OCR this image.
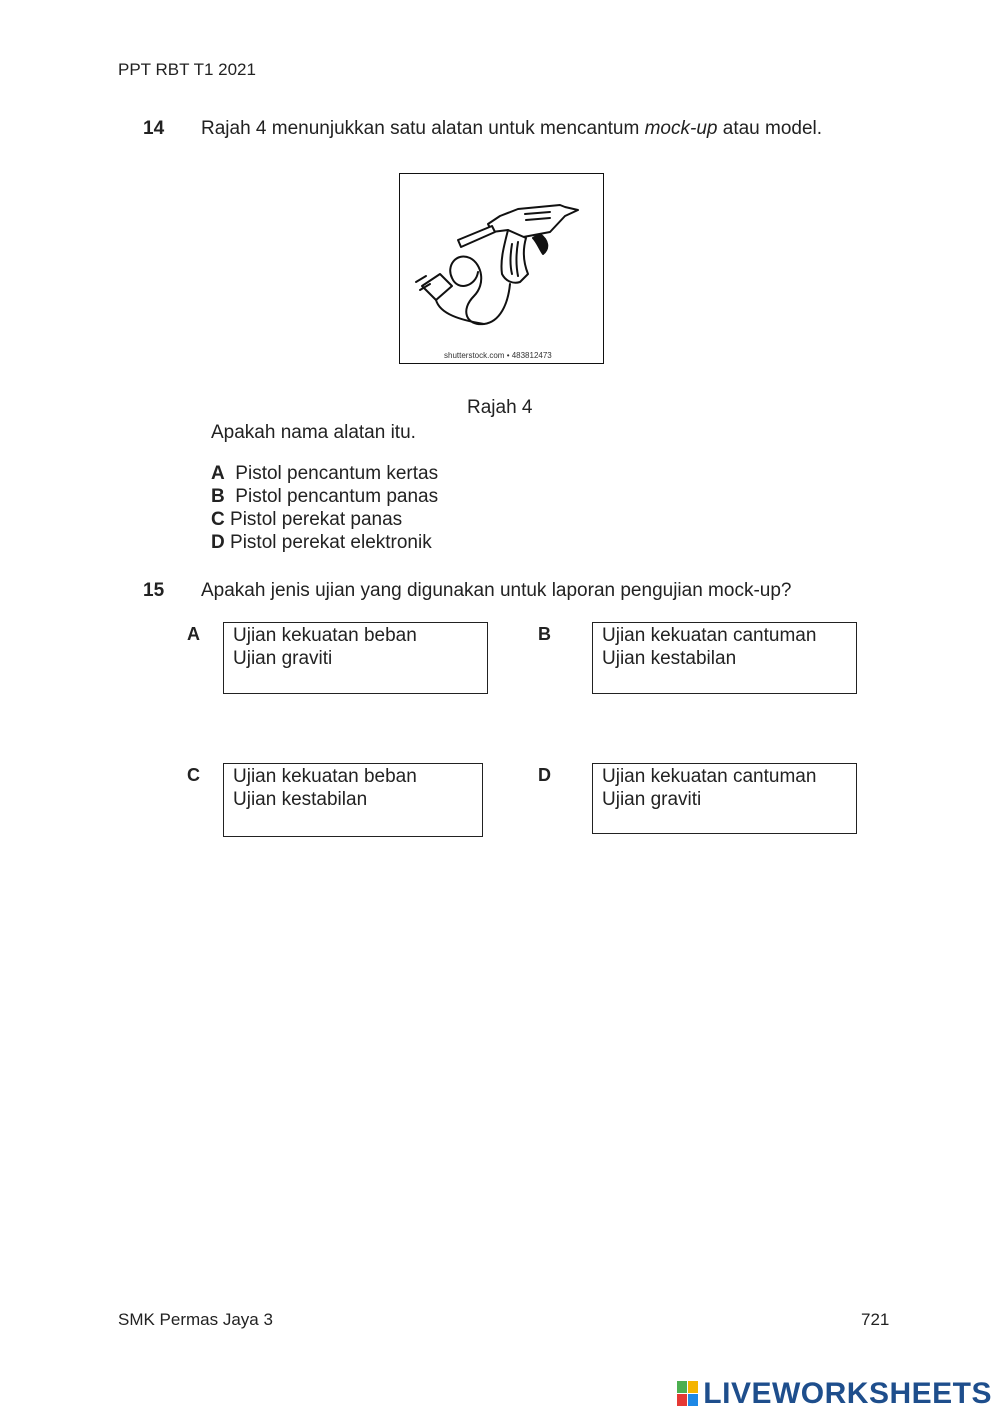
PPT RBT T1 2021
14 Rajah 4 menunjukkan satu alatan untuk mencantum mock-up atau model.
shutterstock.com • 483812473
Rajah 4
Apakah nama alatan itu.
A Pistol pencantum kertas
B Pistol pencantum panas
C Pistol perekat panas
D Pistol perekat elektronik
15 Apakah jenis ujian yang digunakan untuk laporan pengujian mock-up?
A Ujian kekuatan beban
Ujian graviti
B	Ujian kekuatan cantuman
Ujian kestabilan
C Ujian kekuatan beban
Ujian kestabilan
D	Ujian kekuatan cantuman
Ujian graviti
SMK Permas Jaya 3	721
LIVEWORKSHEETS
